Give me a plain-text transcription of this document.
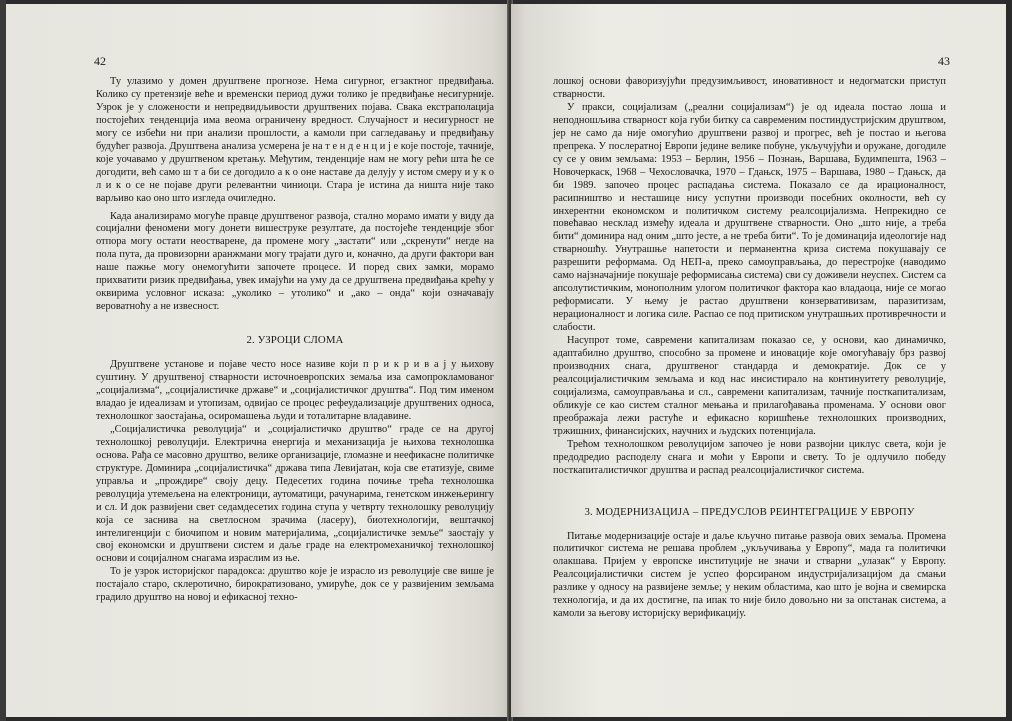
42

Ту улазимо у домен друштвене прогнозе. Нема сигурног, егзактног предвиђања. Колико су претензије веће и временски период дужи толико је предвиђање несигурније. Узрок је у сложености и непредвидљивости друштвених појава. Свака екстраполација постојећих тенденција има веома ограничену вредност. Случајност и несигурност не могу се избећи ни при анализи прошлости, а камоли при сагледавању и предвиђању будућег развоја. Друштвена анализа усмерена је на т е н д е н ц и ј е које постоје, тачније, које уочавамо у друштвеном кретању. Међутим, тенденције нам не могу рећи шта ће се догодити, већ само ш т а би се догодило а к о оне наставе да делују у истом смеру и у к о л и к о се не појаве други релевантни чиниоци. Стара је истина да ништа није тако варљиво као оно што изгледа очигледно.

Када анализирамо могуће правце друштвеног развоја, стално морамо имати у виду да социјални феномени могу донети вишеструке резултате, да постојеће тенденције због отпора могу остати неостварене, да промене могу „застати“ или „скренути“ негде на пола пута, да провизорни аранжмани могу трајати дуго и, коначно, да други фактори ван наше пажње могу онемогућити започете процесе. И поред свих замки, морамо прихватити ризик предвиђања, увек имајући на уму да се друштвена предвиђања крећу у оквирима условног исказа: „уколико – утолико“ и „ако – онда“ који означавају вероватноћу а не извесност.

2. УЗРОЦИ СЛОМА

Друштвене установе и појаве често носе називе који п р и к р и в а ј у њихову суштину. У друштвеној стварности источноевропских земаља иза самопрокламованог „социјализма“, „социјалистичке државе“ и „социјалистичког друштва“. Под тим именом владао је идеализам и утопизам, одвијао се процес рефеудализације друштвених односа, технолошког заостајања, осиромашења људи и тоталитарне владавине.

„Социјалистичка револуција“ и „социјалистичко друштво“ граде се на другој технолошкој револуцији. Електрична енергија и механизација је њихова технолошка основа. Рађа се масовно друштво, велике организације, гломазне и неефикасне политичке структуре. Доминира „социјалистичка“ држава типа Левијатан, која све етатизује, свиме управља и „прождире“ своју децу. Педесетих година почиње трећа технолошка револуција утемељена на електроници, аутоматици, рачунарима, генетском инжењерингу и сл. И док развијени свет седамдесетих година ступа у четврту технолошку револуцију која се заснива на светлосном зрачима (ласеру), биотехнологији, вештачкој интелигенцији с биочипом и новим материјалима, „социјалистичке земље“ заостају у свој економски и друштвени систем и даље граде на електромеханичкој технолошкој основи и социјалном снагама израслим из ње.

То је узрок историјског парадокса: друштво које је израсло из револуције све више је постајало старо, склеротично, бирократизовано, умируће, док се у развијеним земљама градило друштво на новој и ефикасној техно-

43

лошкој основи фаворизујући предузимљивост, иновативност и недогматски приступ стварности.

У пракси, социјализам („реални социјализам“) је од идеала постао лоша и неподношљива стварност која губи битку са савременим постиндустријским друштвом, јер не само да није омогућио друштвени развој и прогрес, већ је постао и његова препрека. У послератној Европи једине велике побуне, укључујући и оружане, догодиле су се у овим земљама: 1953 – Берлин, 1956 – Познањ, Варшава, Будимпешта, 1963 – Новочеркаск, 1968 – Чехословачка, 1970 – Гдањск, 1975 – Варшава, 1980 – Гдањск, да би 1989. започео процес распадања система. Показало се да ирационалност, расипништво и несташице нису успутни производи посебних околности, већ су инхерентни економском и политичком систему реалсоцијализма. Непрекидно се повећавао несклад између идеала и друштвене стварности. Оно „што није, а треба бити“ доминира над оним „што јесте, а не треба бити“. То је доминација идеологије над стварношћу. Унутрашње напетости и перманентна криза система покушавају се разрешити реформама. Од НЕП-а, преко самоуправљања, до перестројке (наводимо само најзначајније покушаје реформисања система) сви су доживели неуспех. Систем са апсолутистичким, монополним улогом политичког фактора као владаоца, није се могао реформисати. У њему је растао друштвени конзервативизам, паразитизам, нерационалност и логика силе. Распао се под притиском унутрашњих противречности и слабости.

Насупрот томе, савремени капитализам показао се, у основи, као динамичко, адаптабилно друштво, способно за промене и иновације које омогућавају брз развој производних снага, друштвеног стандарда и демократије. Док се у реалсоцијалистичким земљама и код нас инсистирало на континуитету револуције, социјализма, самоуправљања и сл., савремени капитализам, тачније посткапитализам, обликује се као систем сталног мењања и прилагођавања променама. У основи овог преображаја лежи растуће и ефикасно коришћење технолошких производних, тржишних, финансијских, научних и људских потенцијала.

Трећом технолошком револуцијом започео је нови развојни циклус света, који је предодредио расподелу снага и моћи у Европи и свету. То је одлучило победу посткапиталистичког друштва и распад реалсоцијалистичког система.

3. МОДЕРНИЗАЦИЈА – ПРЕДУСЛОВ РЕИНТЕГРАЦИЈЕ У ЕВРОПУ

Питање модернизације остаје и даље кључно питање развоја ових земаља. Промена политичког система не решава проблем „укључивања у Европу“, мада га политички олакшава. Пријем у европске институције не значи и стварни „улазак“ у Европу. Реалсоцијалистички систем је успео форсираном индустријализацијом да смањи разлике у односу на развијене земље; у неким областима, као што је војна и свемирска технологија, и да их достигне, па ипак то није било довољно ни за опстанак система, а камоли за његову историјску верификацију.
